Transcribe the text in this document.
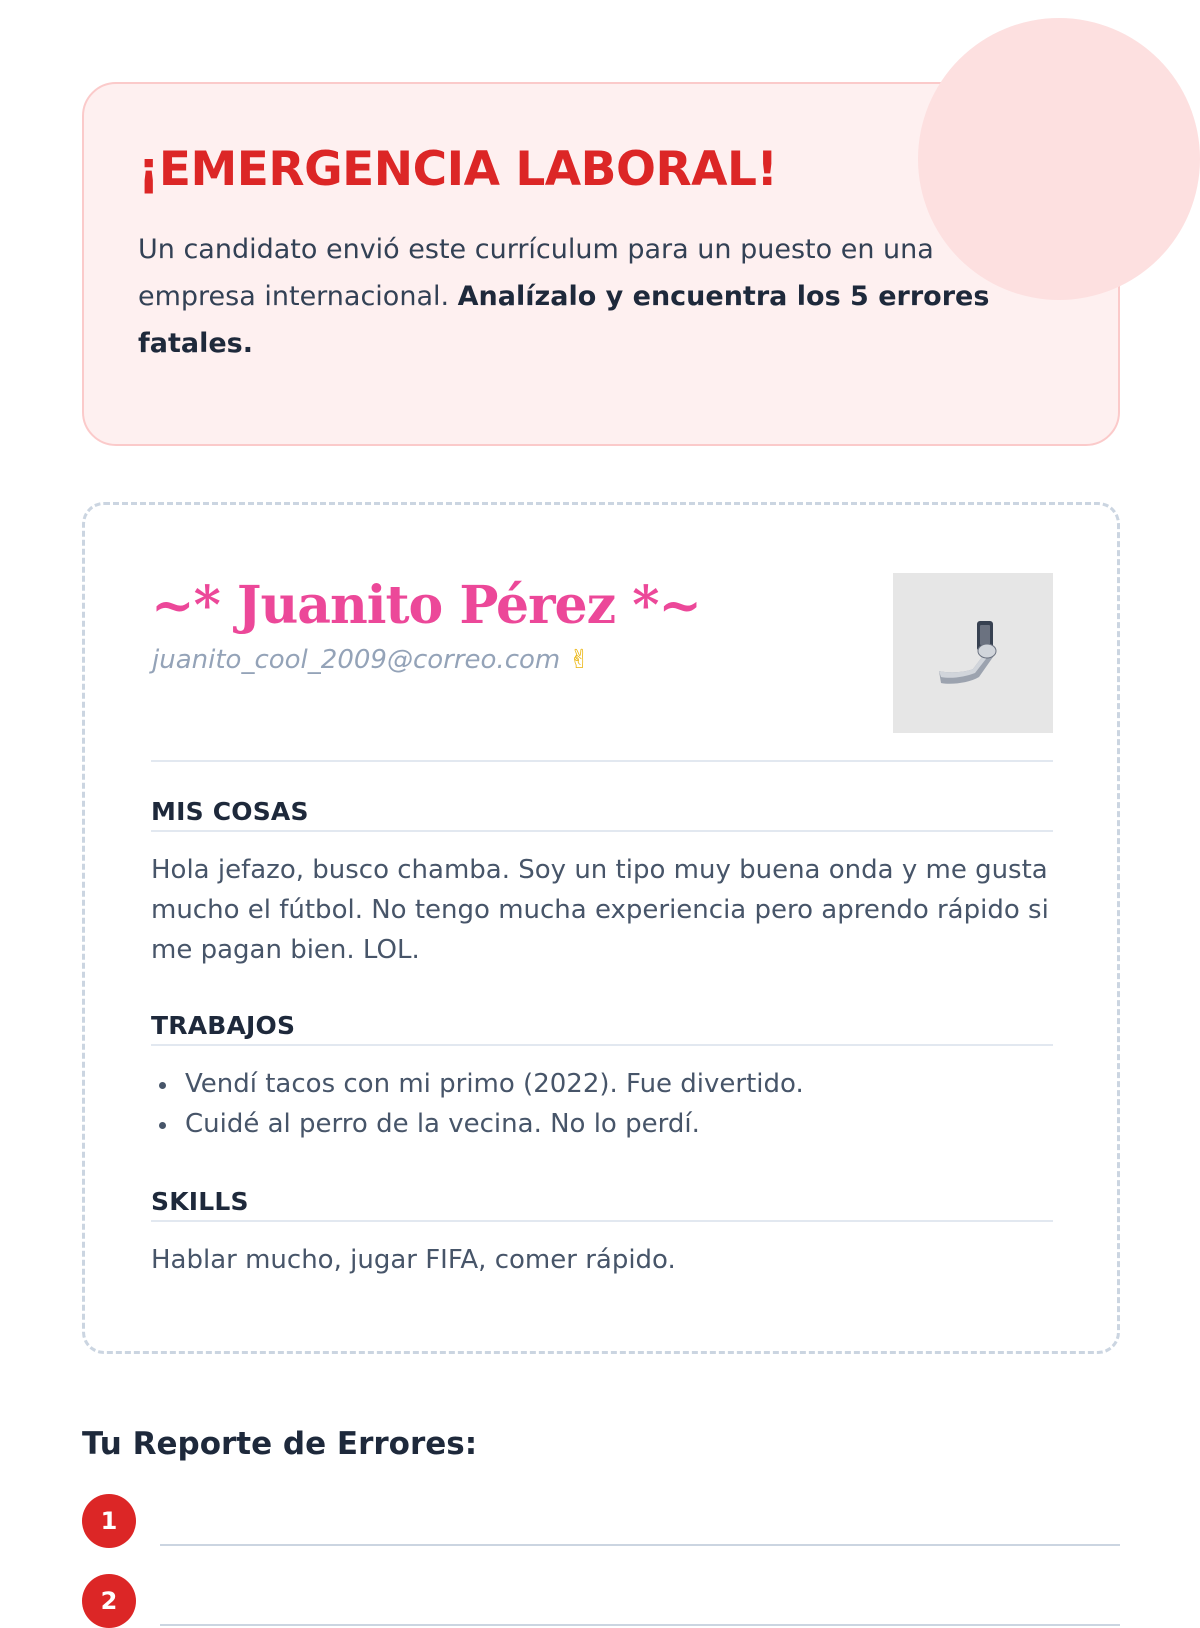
¡EMERGENCIA LABORAL!

Un candidato envió este currículum para un puesto en una empresa internacional. Analízalo y encuentra los 5 errores fatales.

~* Juanito Pérez *~
juanito_cool_2009@correo.com ✌
MIS COSAS

Hola jefazo, busco chamba. Soy un tipo muy buena onda y me gusta mucho el fútbol. No tengo mucha experiencia pero aprendo rápido si me pagan bien. LOL.

TRABAJOS
Vendí tacos con mi primo (2022). Fue divertido.
Cuidé al perro de la vecina. No lo perdí.
SKILLS

Hablar mucho, jugar FIFA, comer rápido.

Tu Reporte de Errores:
1
2
